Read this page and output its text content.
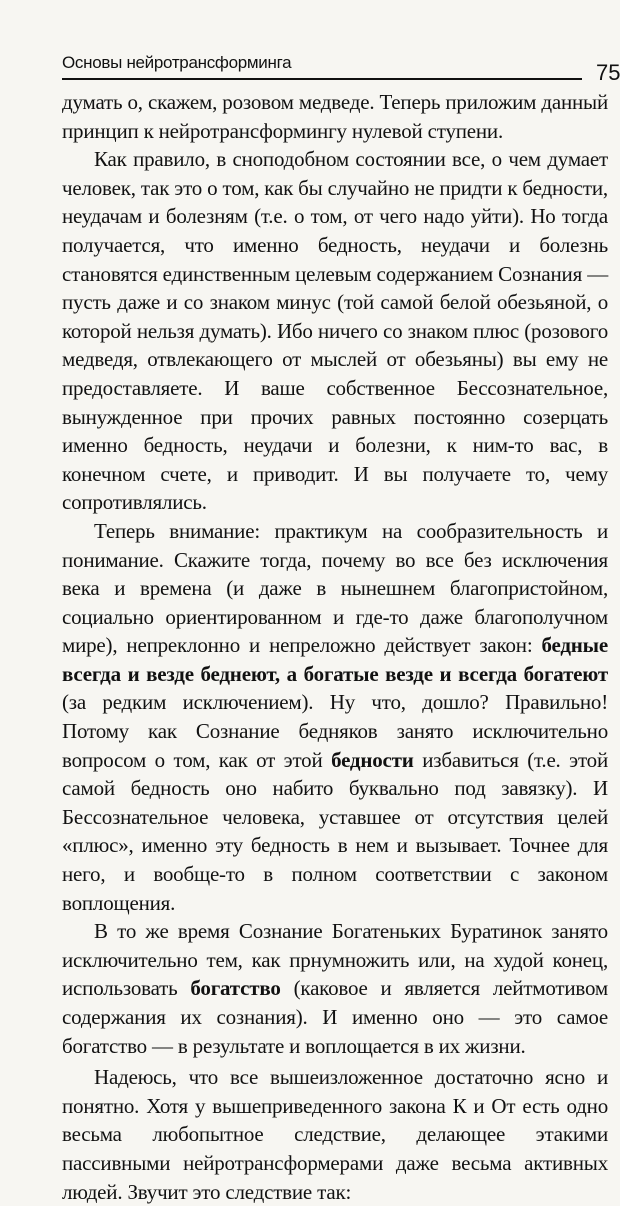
Основы нейротрансформинга	75

думать о, скажем, розовом медведе. Теперь приложим данный принцип к нейротрансформингу нулевой ступени.

Как правило, в сноподобном состоянии все, о чем думает человек, так это о том, как бы случайно не придти к бедности, неудачам и болезням (т.е. о том, от чего надо уйти). Но тогда получается, что именно бедность, неудачи и болезнь становятся единственным целевым содержанием Сознания — пусть даже и со знаком минус (той самой белой обезьяной, о которой нельзя думать). Ибо ничего со знаком плюс (розового медведя, отвлекающего от мыслей от обезьяны) вы ему не предоставляете. И ваше собственное Бессознательное, вынужденное при прочих равных постоянно созерцать именно бедность, неудачи и болезни, к ним-то вас, в конечном счете, и приводит. И вы получаете то, чему сопротивлялись.

Теперь внимание: практикум на сообразительность и понимание. Скажите тогда, почему во все без исключения века и времена (и даже в нынешнем благопристойном, социально ориентированном и где-то даже благополучном мире), непреклонно и непреложно действует закон: бедные всегда и везде беднеют, а богатые везде и всегда богатеют (за редким исключением). Ну что, дошло? Правильно! Потому как Сознание бедняков занято исключительно вопросом о том, как от этой бедности избавиться (т.е. этой самой бедность оно набито буквально под завязку). И Бессознательное человека, уставшее от отсутствия целей «плюс», именно эту бедность в нем и вызывает. Точнее для него, и вообще-то в полном соответствии с законом воплощения.

В то же время Сознание Богатеньких Буратинок занято исключительно тем, как прнумножить или, на худой конец, использовать богатство (каковое и является лейтмотивом содержания их сознания). И именно оно — это самое богатство — в результате и воплощается в их жизни.

Надеюсь, что все вышеизложенное достаточно ясно и понятно. Хотя у вышеприведенного закона К и От есть одно весьма любопытное следствие, делающее этакими пассивными нейротрансформерами даже весьма активных людей. Звучит это следствие так:
